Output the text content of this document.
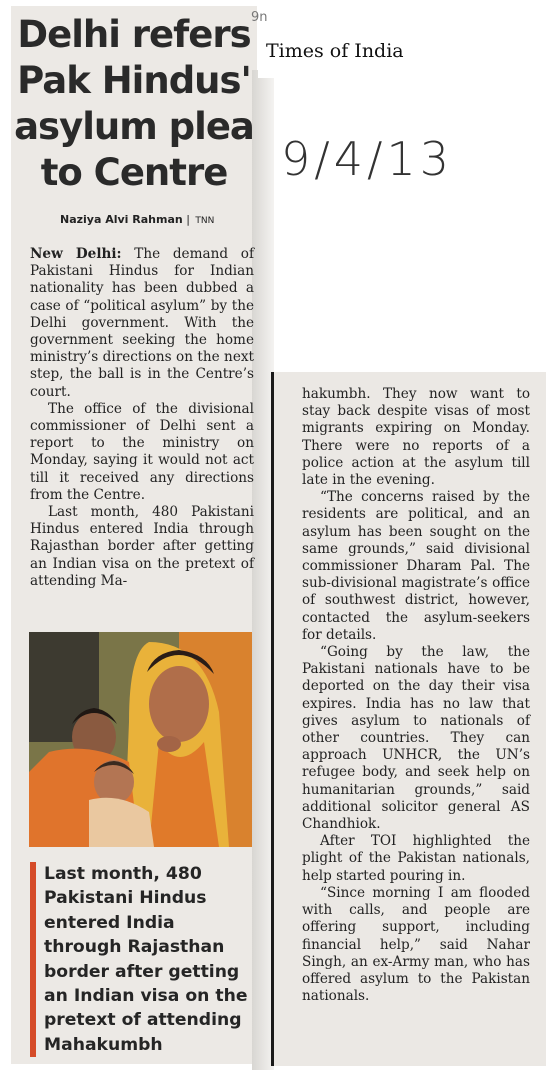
9n
Times of India
9/4/13
Delhi refers
Pak Hindus'
asylum plea
to Centre
Naziya Alvi Rahman | TNN

New Delhi: The demand of Pakistani Hindus for Indian nationality has been dubbed a case of “political asylum” by the Delhi government. With the government seeking the home ministry’s directions on the next step, the ball is in the Centre’s court.

The office of the divisional commissioner of Delhi sent a report to the ministry on Monday, saying it would not act till it received any directions from the Centre.

Last month, 480 Pakistani Hindus entered India through Rajasthan border after getting an Indian visa on the pretext of attending Ma-

Last month, 480 Pakistani Hindus entered India through Rajasthan border after getting an Indian visa on the pretext of attending Mahakumbh

hakumbh. They now want to stay back despite visas of most migrants expiring on Monday. There were no reports of a police action at the asylum till late in the evening.

“The concerns raised by the residents are political, and an asylum has been sought on the same grounds,” said divisional commissioner Dharam Pal. The sub-divisional magistrate’s office of southwest district, however, contacted the asylum-seekers for details.

“Going by the law, the Pakistani nationals have to be deported on the day their visa expires. India has no law that gives asylum to nationals of other countries. They can approach UNHCR, the UN’s refugee body, and seek help on humanitarian grounds,” said additional solicitor general AS Chandhiok.

After TOI highlighted the plight of the Pakistan nationals, help started pouring in.

“Since morning I am flooded with calls, and people are offering support, including financial help,” said Nahar Singh, an ex-Army man, who has offered asylum to the Pakistan nationals.
